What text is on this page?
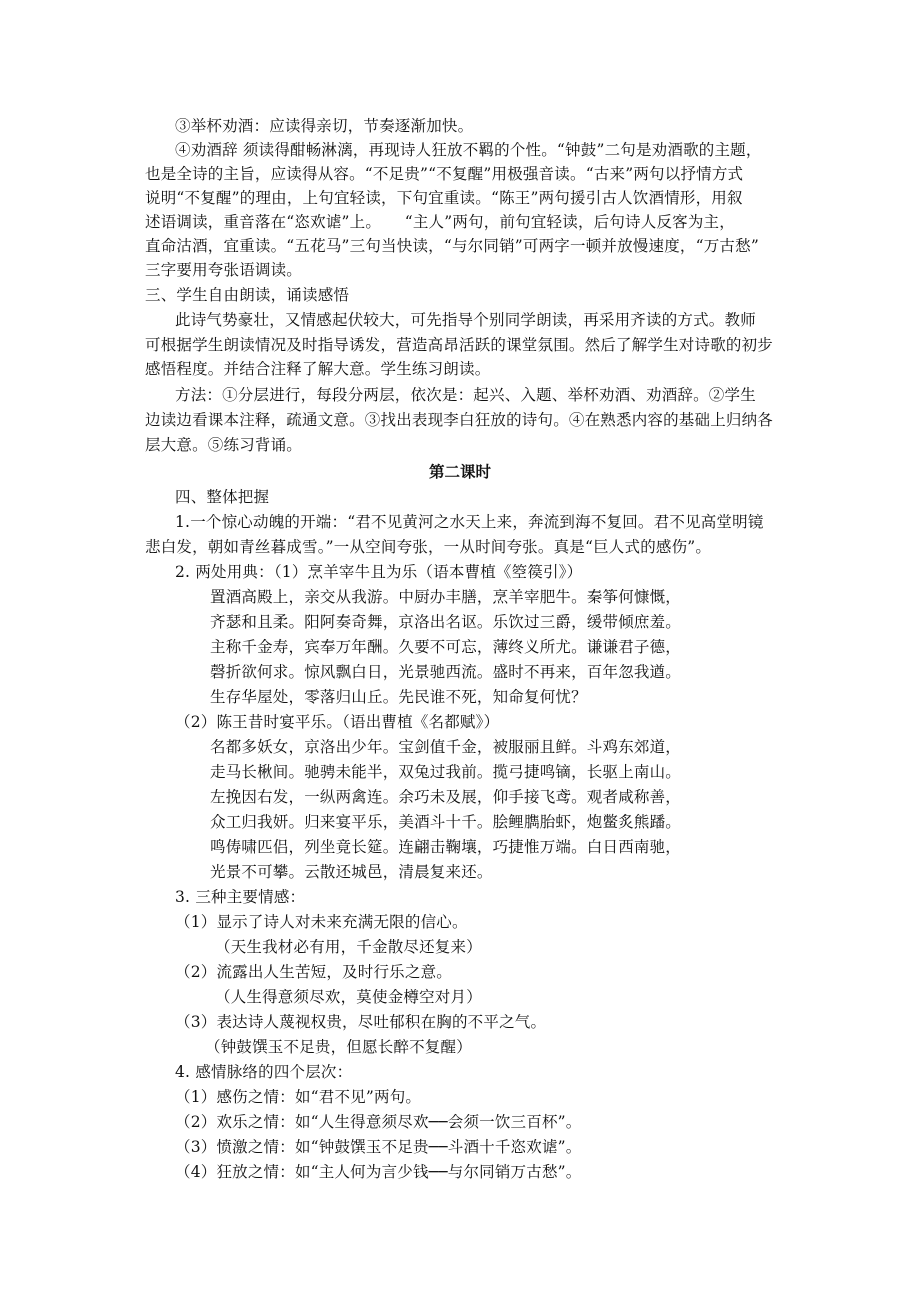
③举杯劝酒：应读得亲切，节奏逐渐加快。
④劝酒辞 须读得酣畅淋漓，再现诗人狂放不羁的个性。“钟鼓”二句是劝酒歌的主题，
也是全诗的主旨，应读得从容。“不足贵”“不复醒”用极强音读。“古来”两句以抒情方式
说明“不复醒”的理由，上句宜轻读，下句宜重读。“陈王”两句援引古人饮酒情形，用叙
述语调读，重音落在“恣欢谑”上。　　“主人”两句，前句宜轻读，后句诗人反客为主，
直命沽酒，宜重读。“五花马”三句当快读，“与尔同销”可两字一顿并放慢速度，“万古愁”
三字要用夸张语调读。
三、学生自由朗读，诵读感悟
此诗气势豪壮，又情感起伏较大，可先指导个别同学朗读，再采用齐读的方式。教师
可根据学生朗读情况及时指导诱发，营造高昂活跃的课堂氛围。然后了解学生对诗歌的初步
感悟程度。并结合注释了解大意。学生练习朗读。
方法：①分层进行，每段分两层，依次是：起兴、入题、举杯劝酒、劝酒辞。②学生
边读边看课本注释，疏通文意。③找出表现李白狂放的诗句。④在熟悉内容的基础上归纳各
层大意。⑤练习背诵。
第二课时
四、整体把握
1.一个惊心动魄的开端：“君不见黄河之水天上来，奔流到海不复回。君不见高堂明镜
悲白发，朝如青丝暮成雪。”一从空间夸张，一从时间夸张。真是“巨人式的感伤”。
2. 两处用典：（1）烹羊宰牛且为乐（语本曹植《箜篌引》）
置酒高殿上，亲交从我游。中厨办丰膳，烹羊宰肥牛。秦筝何慷慨，
齐瑟和且柔。阳阿奏奇舞，京洛出名讴。乐饮过三爵，缓带倾庶羞。
主称千金寿，宾奉万年酬。久要不可忘，薄终义所尤。谦谦君子德，
磬折欲何求。惊风飘白日，光景驰西流。盛时不再来，百年忽我遒。
生存华屋处，零落归山丘。先民谁不死，知命复何忧？
（2）陈王昔时宴平乐。（语出曹植《名都赋》）
名都多妖女，京洛出少年。宝剑值千金，被服丽且鲜。斗鸡东郊道，
走马长楸间。驰骋未能半，双兔过我前。揽弓捷鸣镝，长驱上南山。
左挽因右发，一纵两禽连。余巧未及展，仰手接飞鸢。观者咸称善，
众工归我妍。归来宴平乐，美酒斗十千。脍鲤臇胎虾，炮鳖炙熊蹯。
鸣俦啸匹侣，列坐竟长筵。连翩击鞠壤，巧捷惟万端。白日西南驰，
光景不可攀。云散还城邑，清晨复来还。
3. 三种主要情感：
（1）显示了诗人对未来充满无限的信心。
（天生我材必有用，千金散尽还复来）
（2）流露出人生苦短，及时行乐之意。
（人生得意须尽欢，莫使金樽空对月）
（3）表达诗人蔑视权贵，尽吐郁积在胸的不平之气。
（钟鼓馔玉不足贵，但愿长醉不复醒）
4. 感情脉络的四个层次：
（1）感伤之情：如“君不见”两句。
（2）欢乐之情：如“人生得意须尽欢──会须一饮三百杯”。
（3）愤激之情：如“钟鼓馔玉不足贵──斗酒十千恣欢谑”。
（4）狂放之情：如“主人何为言少钱──与尔同销万古愁”。
